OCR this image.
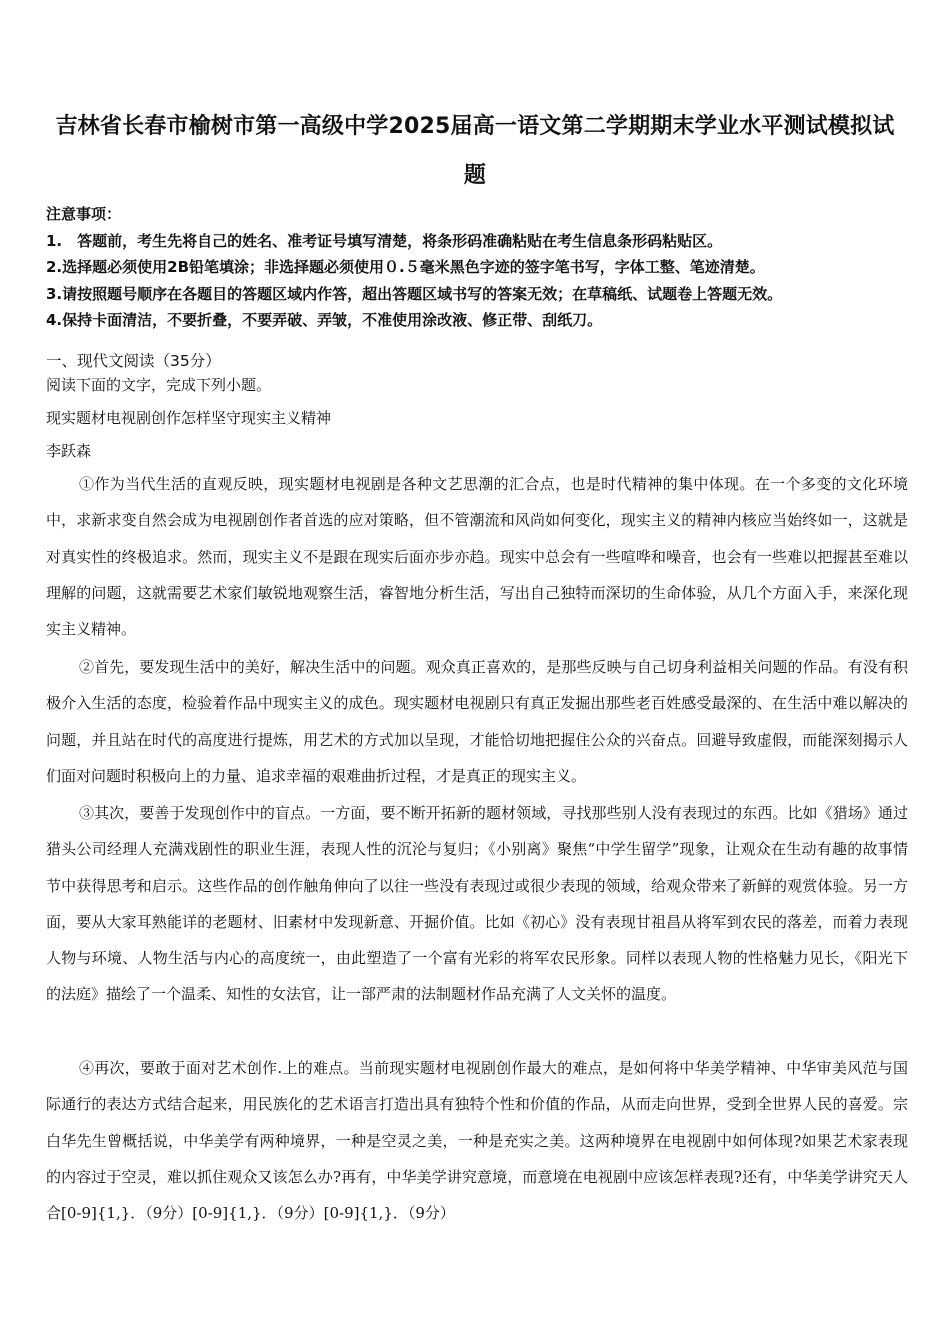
吉林省长春市榆树市第一高级中学2025届高一语文第二学期期末学业水平测试模拟试
题
注意事项：
1.　答题前，考生先将自己的姓名、准考证号填写清楚，将条形码准确粘贴在考生信息条形码粘贴区。
2.选择题必须使用2B铅笔填涂；非选择题必须使用０.５毫米黑色字迹的签字笔书写，字体工整、笔迹清楚。
3.请按照题号顺序在各题目的答题区域内作答，超出答题区域书写的答案无效；在草稿纸、试题卷上答题无效。
4.保持卡面清洁，不要折叠，不要弄破、弄皱，不准使用涂改液、修正带、刮纸刀。
一、现代文阅读（35分）
阅读下面的文字，完成下列小题。
现实题材电视剧创作怎样坚守现实主义精神
李跃森
①作为当代生活的直观反映，现实题材电视剧是各种文艺思潮的汇合点，也是时代精神的集中体现。在一个多变的文化环境中，求新求变自然会成为电视剧创作者首选的应对策略，但不管潮流和风尚如何变化，现实主义的精神内核应当始终如一，这就是对真实性的终极追求。然而，现实主义不是跟在现实后面亦步亦趋。现实中总会有一些喧哗和噪音，也会有一些难以把握甚至难以理解的问题，这就需要艺术家们敏锐地观察生活，睿智地分析生活，写出自己独特而深切的生命体验，从几个方面入手，来深化现实主义精神。
②首先，要发现生活中的美好，解决生活中的问题。观众真正喜欢的，是那些反映与自己切身利益相关问题的作品。有没有积极介入生活的态度，检验着作品中现实主义的成色。现实题材电视剧只有真正发掘出那些老百姓感受最深的、在生活中难以解决的问题，并且站在时代的高度进行提炼，用艺术的方式加以呈现，才能恰切地把握住公众的兴奋点。回避导致虚假，而能深刻揭示人们面对问题时积极向上的力量、追求幸福的艰难曲折过程，才是真正的现实主义。
③其次，要善于发现创作中的盲点。一方面，要不断开拓新的题材领域，寻找那些别人没有表现过的东西。比如《猎场》通过猎头公司经理人充满戏剧性的职业生涯，表现人性的沉沦与复归；《小别离》聚焦“中学生留学”现象，让观众在生动有趣的故事情节中获得思考和启示。这些作品的创作触角伸向了以往一些没有表现过或很少表现的领域，给观众带来了新鲜的观赏体验。另一方面，要从大家耳熟能详的老题材、旧素材中发现新意、开掘价值。比如《初心》没有表现甘祖昌从将军到农民的落差，而着力表现人物与环境、人物生活与内心的高度统一，由此塑造了一个富有光彩的将军农民形象。同样以表现人物的性格魅力见长，《阳光下的法庭》描绘了一个温柔、知性的女法官，让一部严肃的法制题材作品充满了人文关怀的温度。
④再次，要敢于面对艺术创作.上的难点。当前现实题材电视剧创作最大的难点，是如何将中华美学精神、中华审美风范与国际通行的表达方式结合起来，用民族化的艺术语言打造出具有独特个性和价值的作品，从而走向世界，受到全世界人民的喜爱。宗白华先生曾概括说，中华美学有两种境界，一种是空灵之美，一种是充实之美。这两种境界在电视剧中如何体现?如果艺术家表现的内容过于空灵，难以抓住观众又该怎么办?再有，中华美学讲究意境，而意境在电视剧中应该怎样表现?还有，中华美学讲究天人合[0-9]{1,}．（9分）[0-9]{1,}．（9分）[0-9]{1,}．（9分）
